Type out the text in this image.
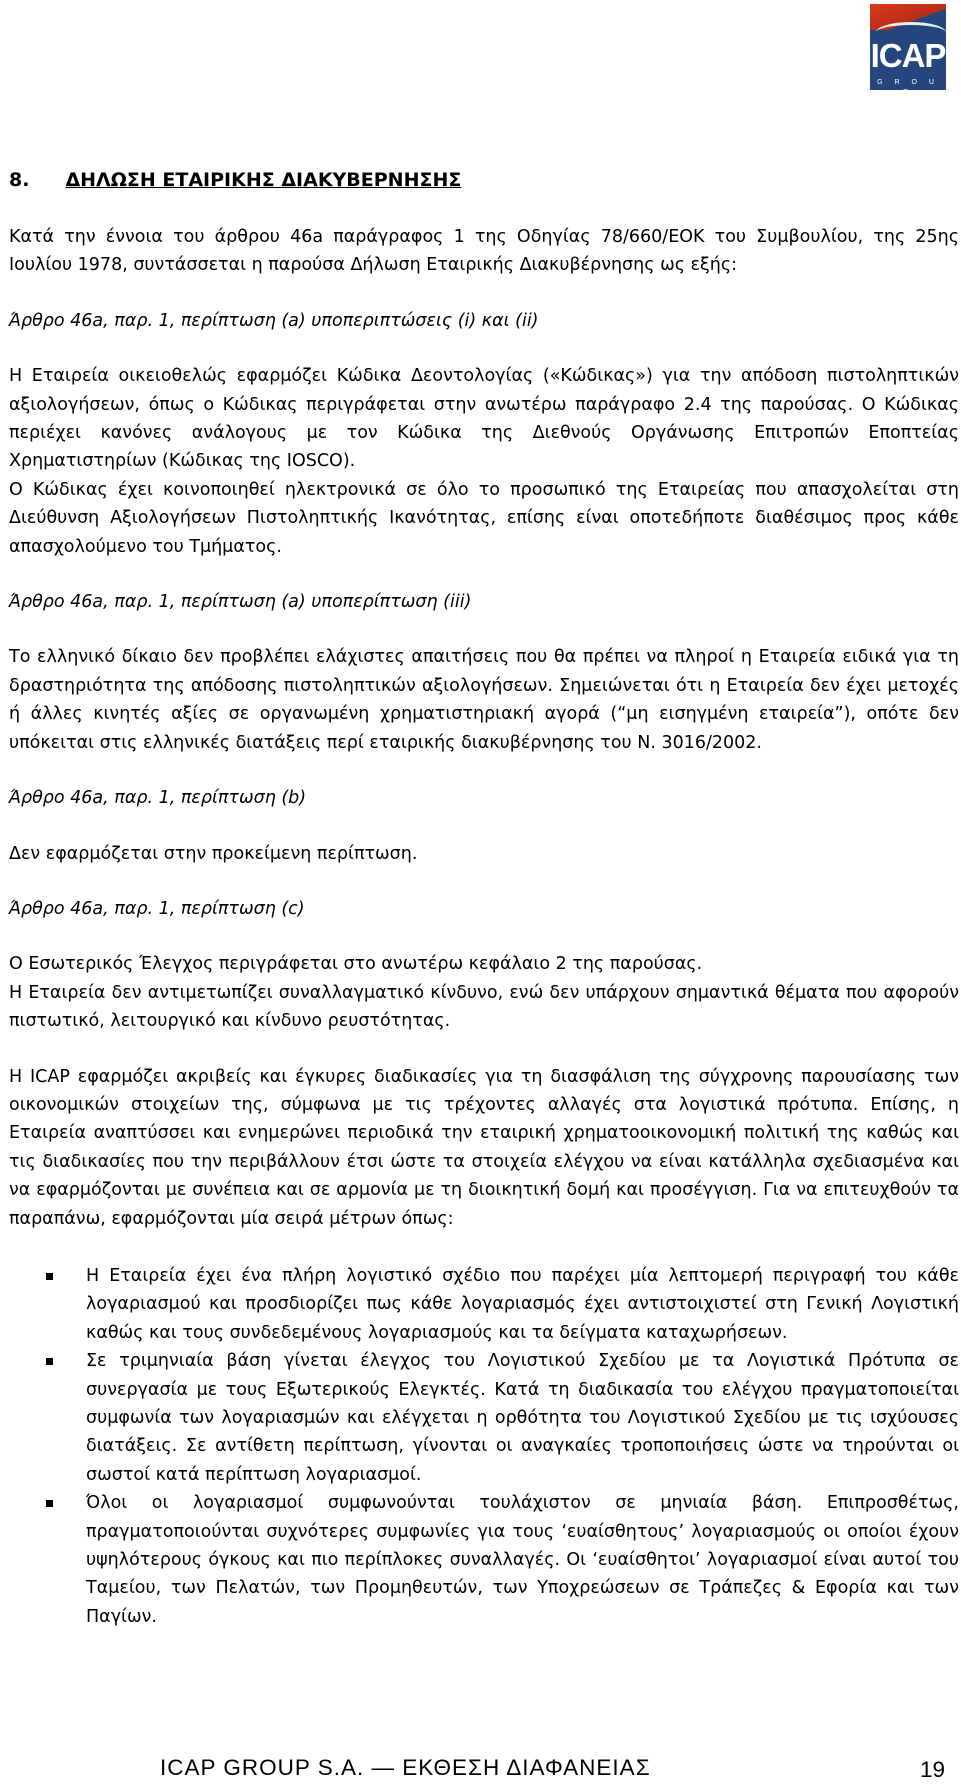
ICAP
G R O U P
8. ΔΗΛΩΣΗ ΕΤΑΙΡΙΚΗΣ ΔΙΑΚΥΒΕΡΝΗΣΗΣ

Κατά την έννοια του άρθρου 46a παράγραφος 1 της Οδηγίας 78/660/ΕΟΚ του Συμβουλίου, της 25ης Ιουλίου 1978, συντάσσεται η παρούσα Δήλωση Εταιρικής Διακυβέρνησης ως εξής:

Άρθρο 46a, παρ. 1, περίπτωση (a) υποπεριπτώσεις (i) και (ii)

Η Εταιρεία οικειοθελώς εφαρμόζει Κώδικα Δεοντολογίας («Κώδικας») για την απόδοση πιστοληπτικών αξιολογήσεων, όπως ο Κώδικας περιγράφεται στην ανωτέρω παράγραφο 2.4 της παρούσας. Ο Κώδικας περιέχει κανόνες ανάλογους με τον Κώδικα της Διεθνούς Οργάνωσης Επιτροπών Εποπτείας Χρηματιστηρίων (Κώδικας της IOSCO).

Ο Κώδικας έχει κοινοποιηθεί ηλεκτρονικά σε όλο το προσωπικό της Εταιρείας που απασχολείται στη Διεύθυνση Αξιολογήσεων Πιστοληπτικής Ικανότητας, επίσης είναι οποτεδήποτε διαθέσιμος προς κάθε απασχολούμενο του Τμήματος.

Άρθρο 46a, παρ. 1, περίπτωση (a) υποπερίπτωση (iii)

Το ελληνικό δίκαιο δεν προβλέπει ελάχιστες απαιτήσεις που θα πρέπει να πληροί η Εταιρεία ειδικά για τη δραστηριότητα της απόδοσης πιστοληπτικών αξιολογήσεων. Σημειώνεται ότι η Εταιρεία δεν έχει μετοχές ή άλλες κινητές αξίες σε οργανωμένη χρηματιστηριακή αγορά (“μη εισηγμένη εταιρεία”), οπότε δεν υπόκειται στις ελληνικές διατάξεις περί εταιρικής διακυβέρνησης του Ν. 3016/2002.

Άρθρο 46a, παρ. 1, περίπτωση (b)

Δεν εφαρμόζεται στην προκείμενη περίπτωση.

Άρθρο 46a, παρ. 1, περίπτωση (c)

Ο Εσωτερικός Έλεγχος περιγράφεται στο ανωτέρω κεφάλαιο 2 της παρούσας.

Η Εταιρεία δεν αντιμετωπίζει συναλλαγματικό κίνδυνο, ενώ δεν υπάρχουν σημαντικά θέματα που αφορούν πιστωτικό, λειτουργικό και κίνδυνο ρευστότητας.

Η ICAP εφαρμόζει ακριβείς και έγκυρες διαδικασίες για τη διασφάλιση της σύγχρονης παρουσίασης των οικονομικών στοιχείων της, σύμφωνα με τις τρέχοντες αλλαγές στα λογιστικά πρότυπα. Επίσης, η Εταιρεία αναπτύσσει και ενημερώνει περιοδικά την εταιρική χρηματοοικονομική πολιτική της καθώς και τις διαδικασίες που την περιβάλλουν έτσι ώστε τα στοιχεία ελέγχου να είναι κατάλληλα σχεδιασμένα και να εφαρμόζονται με συνέπεια και σε αρμονία με τη διοικητική δομή και προσέγγιση. Για να επιτευχθούν τα παραπάνω, εφαρμόζονται μία σειρά μέτρων όπως:

Η Εταιρεία έχει ένα πλήρη λογιστικό σχέδιο που παρέχει μία λεπτομερή περιγραφή του κάθε λογαριασμού και προσδιορίζει πως κάθε λογαριασμός έχει αντιστοιχιστεί στη Γενική Λογιστική καθώς και τους συνδεδεμένους λογαριασμούς και τα δείγματα καταχωρήσεων.
Σε τριμηνιαία βάση γίνεται έλεγχος του Λογιστικού Σχεδίου με τα Λογιστικά Πρότυπα σε συνεργασία με τους Εξωτερικούς Ελεγκτές. Κατά τη διαδικασία του ελέγχου πραγματοποιείται συμφωνία των λογαριασμών και ελέγχεται η ορθότητα του Λογιστικού Σχεδίου με τις ισχύουσες διατάξεις. Σε αντίθετη περίπτωση, γίνονται οι αναγκαίες τροποποιήσεις ώστε να τηρούνται οι σωστοί κατά περίπτωση λογαριασμοί.
Όλοι οι λογαριασμοί συμφωνούνται τουλάχιστον σε μηνιαία βάση. Επιπροσθέτως, πραγματοποιούνται συχνότερες συμφωνίες για τους ‘ευαίσθητους’ λογαριασμούς οι οποίοι έχουν υψηλότερους όγκους και πιο περίπλοκες συναλλαγές. Οι ‘ευαίσθητοι’ λογαριασμοί είναι αυτοί του Ταμείου, των Πελατών, των Προμηθευτών, των Υποχρεώσεων σε Τράπεζες & Εφορία και των Παγίων.
ICAP GROUP S.A. — ΕΚΘΕΣΗ ΔΙΑΦΑΝΕΙΑΣ	19
